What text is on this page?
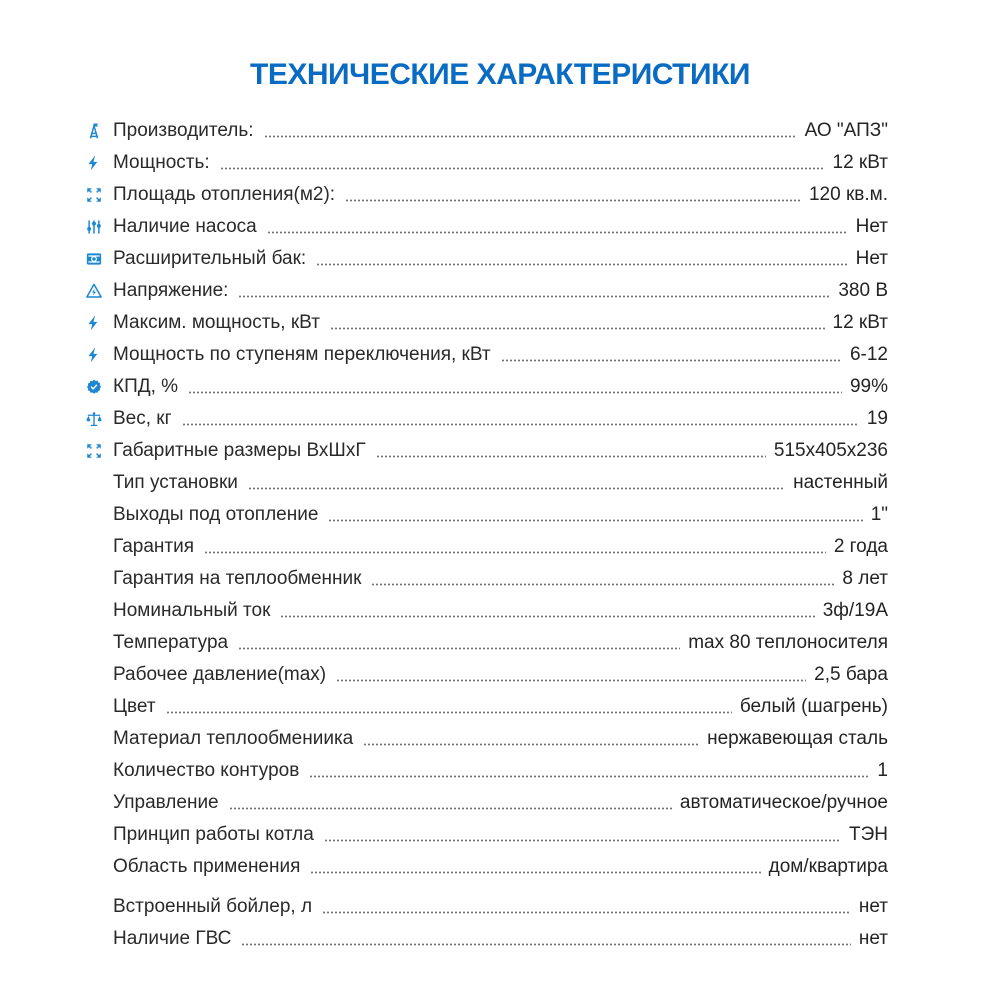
ТЕХНИЧЕСКИЕ ХАРАКТЕРИСТИКИ
Производитель:	АО "АПЗ"
Мощность:	12 кВт
Площадь отопления(м2):	120 кв.м.
Наличие насоса	Нет
Расширительный бак:	Нет
Напряжение:	380 В
Максим. мощность, кВт	12 кВт
Мощность по ступеням переключения, кВт	6-12
КПД, %	99%
Вес, кг	19
Габаритные размеры ВхШхГ	515х405х236
Тип установки	настенный
Выходы под отопление	1"
Гарантия	2 года
Гарантия на теплообменник	8 лет
Номинальный ток	3ф/19А
Температура	max 80 теплоносителя
Рабочее давление(max)	2,5 бара
Цвет	белый (шагрень)
Материал теплообмениика	нержавеющая сталь
Количество контуров	1
Управление	автоматическое/ручное
Принцип работы котла	ТЭН
Область применения	дом/квартира
Встроенный бойлер, л	нет
Наличие ГВС	нет
